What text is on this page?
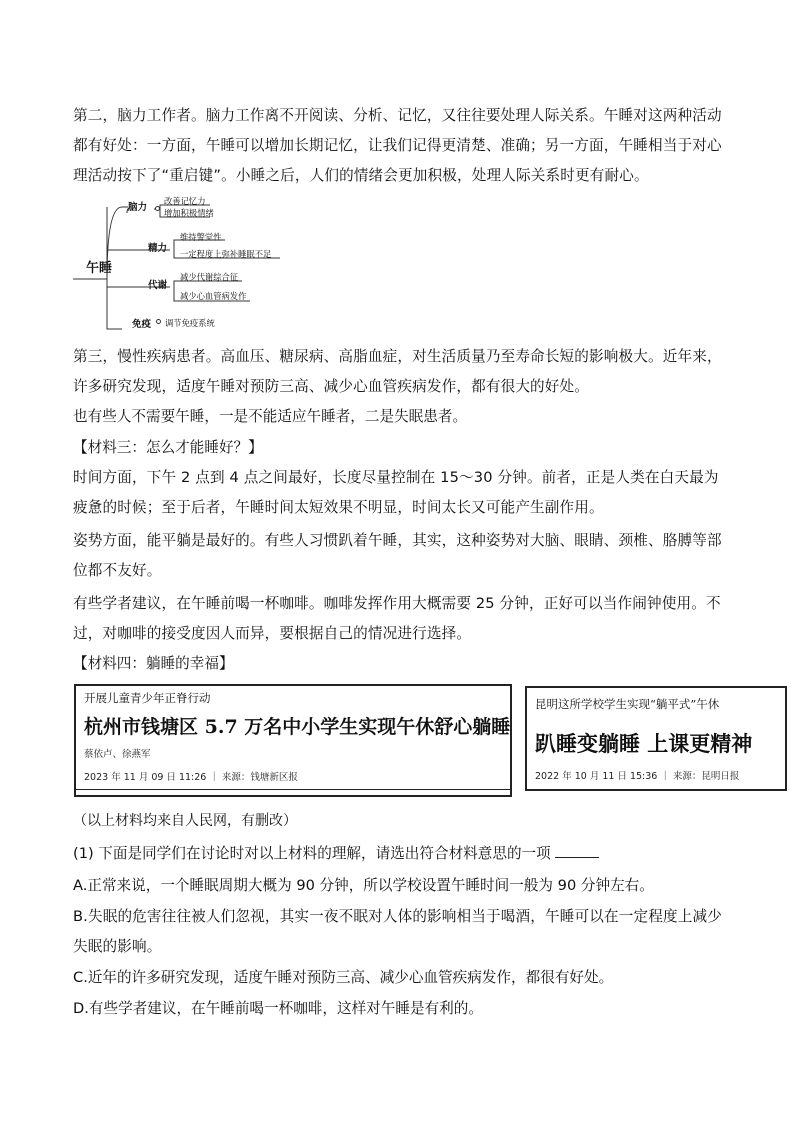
第二，脑力工作者。脑力工作离不开阅读、分析、记忆，又往往要处理人际关系。午睡对这两种活动都有好处：一方面，午睡可以增加长期记忆，让我们记得更清楚、准确；另一方面，午睡相当于对心理活动按下了“重启键”。小睡之后，人们的情绪会更加积极，处理人际关系时更有耐心。

午睡
脑力
改善记忆力
增加积极情绪
精力
维持警觉性
一定程度上弥补睡眠不足
代谢
减少代谢综合征
减少心血管病发作
免疫 调节免疫系统

第三，慢性疾病患者。高血压、糖尿病、高脂血症，对生活质量乃至寿命长短的影响极大。近年来，许多研究发现，适度午睡对预防三高、减少心血管疾病发作，都有很大的好处。

也有些人不需要午睡，一是不能适应午睡者，二是失眠患者。

【材料三：怎么才能睡好？】

时间方面，下午 2 点到 4 点之间最好，长度尽量控制在 15～30 分钟。前者，正是人类在白天最为疲惫的时候；至于后者，午睡时间太短效果不明显，时间太长又可能产生副作用。

姿势方面，能平躺是最好的。有些人习惯趴着午睡，其实，这种姿势对大脑、眼睛、颈椎、胳膊等部位都不友好。

有些学者建议，在午睡前喝一杯咖啡。咖啡发挥作用大概需要 25 分钟，正好可以当作闹钟使用。不过，对咖啡的接受度因人而异，要根据自己的情况进行选择。

【材料四：躺睡的幸福】

开展儿童青少年正脊行动
杭州市钱塘区 5.7 万名中小学生实现午休舒心躺睡
蔡依卢、徐燕军
2023 年 11 月 09 日 11:26 ｜ 来源：钱塘新区报
昆明这所学校学生实现“躺平式”午休
趴睡变躺睡 上课更精神
2022 年 10 月 11 日 15:36 ｜ 来源：昆明日报

（以上材料均来自人民网，有删改）

(1) 下面是同学们在讨论时对以上材料的理解，请选出符合材料意思的一项

A.正常来说，一个睡眠周期大概为 90 分钟，所以学校设置午睡时间一般为 90 分钟左右。

B.失眠的危害往往被人们忽视，其实一夜不眠对人体的影响相当于喝酒，午睡可以在一定程度上减少失眠的影响。

C.近年的许多研究发现，适度午睡对预防三高、减少心血管疾病发作，都很有好处。

D.有些学者建议，在午睡前喝一杯咖啡，这样对午睡是有利的。
